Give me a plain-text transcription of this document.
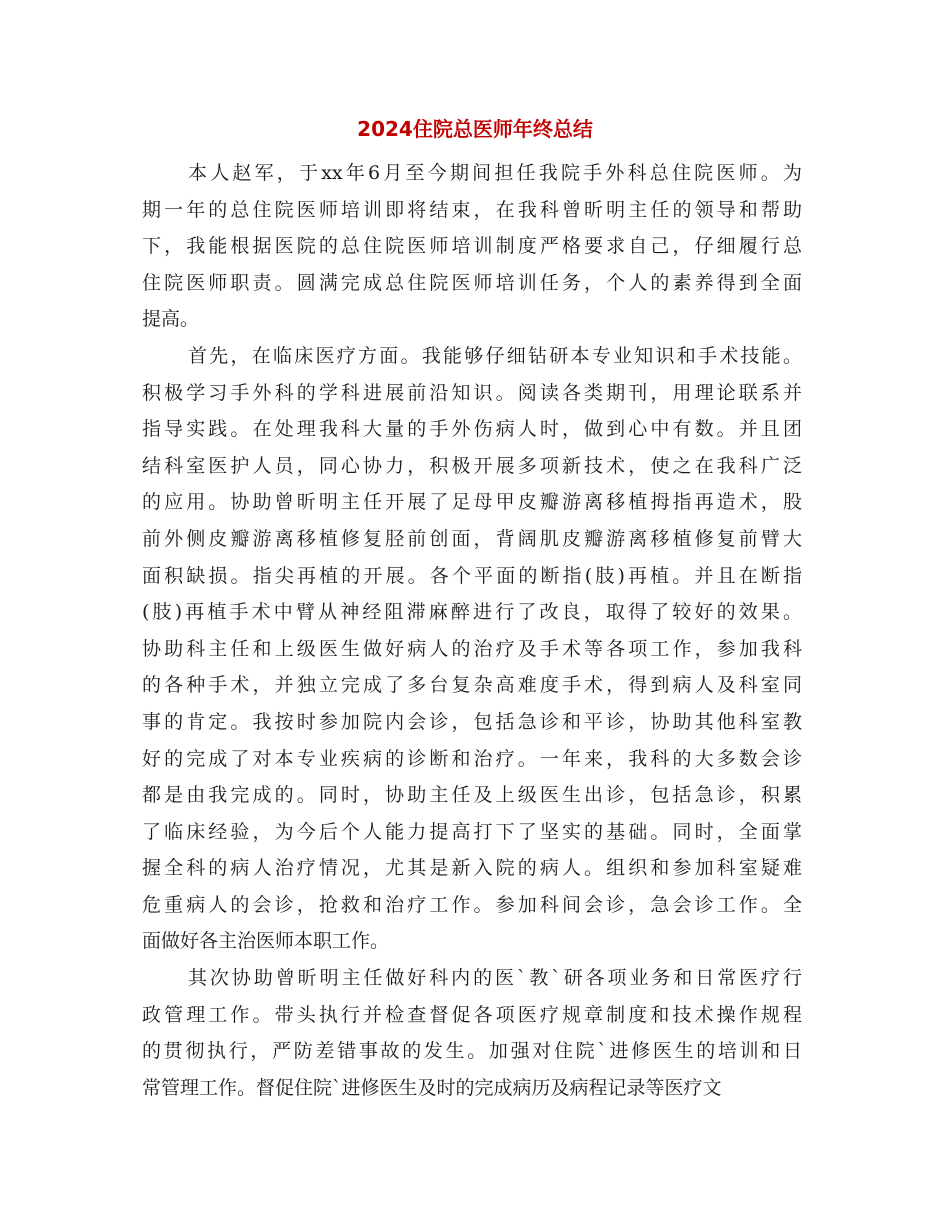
2024住院总医师年终总结

本人赵军，于xx年6月至今期间担任我院手外科总住院医师。为
期一年的总住院医师培训即将结束，在我科曾昕明主任的领导和帮助
下，我能根据医院的总住院医师培训制度严格要求自己，仔细履行总
住院医师职责。圆满完成总住院医师培训任务，个人的素养得到全面
提高。

首先，在临床医疗方面。我能够仔细钻研本专业知识和手术技能。
积极学习手外科的学科进展前沿知识。阅读各类期刊，用理论联系并
指导实践。在处理我科大量的手外伤病人时，做到心中有数。并且团
结科室医护人员，同心协力，积极开展多项新技术，使之在我科广泛
的应用。协助曾昕明主任开展了足母甲皮瓣游离移植拇指再造术，股
前外侧皮瓣游离移植修复胫前创面，背阔肌皮瓣游离移植修复前臂大
面积缺损。指尖再植的开展。各个平面的断指(肢)再植。并且在断指
(肢)再植手术中臂从神经阻滞麻醉进行了改良，取得了较好的效果。
协助科主任和上级医生做好病人的治疗及手术等各项工作，参加我科
的各种手术，并独立完成了多台复杂高难度手术，得到病人及科室同
事的肯定。我按时参加院内会诊，包括急诊和平诊，协助其他科室教
好的完成了对本专业疾病的诊断和治疗。一年来，我科的大多数会诊
都是由我完成的。同时，协助主任及上级医生出诊，包括急诊，积累
了临床经验，为今后个人能力提高打下了坚实的基础。同时，全面掌
握全科的病人治疗情况，尤其是新入院的病人。组织和参加科室疑难
危重病人的会诊，抢救和治疗工作。参加科间会诊，急会诊工作。全
面做好各主治医师本职工作。

其次协助曾昕明主任做好科内的医`教`研各项业务和日常医疗行
政管理工作。带头执行并检查督促各项医疗规章制度和技术操作规程
的贯彻执行，严防差错事故的发生。加强对住院`进修医生的培训和日
常管理工作。督促住院`进修医生及时的完成病历及病程记录等医疗文
